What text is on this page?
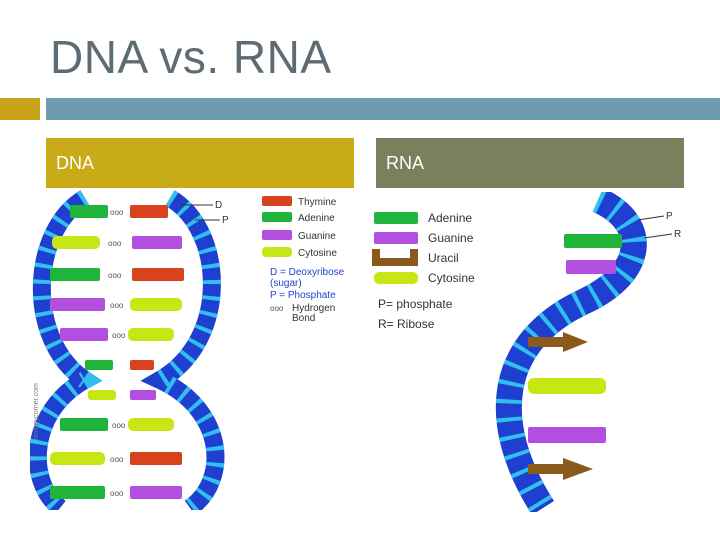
DNA vs. RNA
DNA	RNA
ooo
ooo
ooo
ooo
ooo
ooo
ooo
ooo
D
P
biologycorner.com
Thymine
Adenine
Guanine
Cytosine
D = Deoxyribose
(sugar)
P = Phosphate
ooo Hydrogen
Bond
P
R
Adenine
Guanine
Uracil
Cytosine
P= phosphate
R= Ribose
